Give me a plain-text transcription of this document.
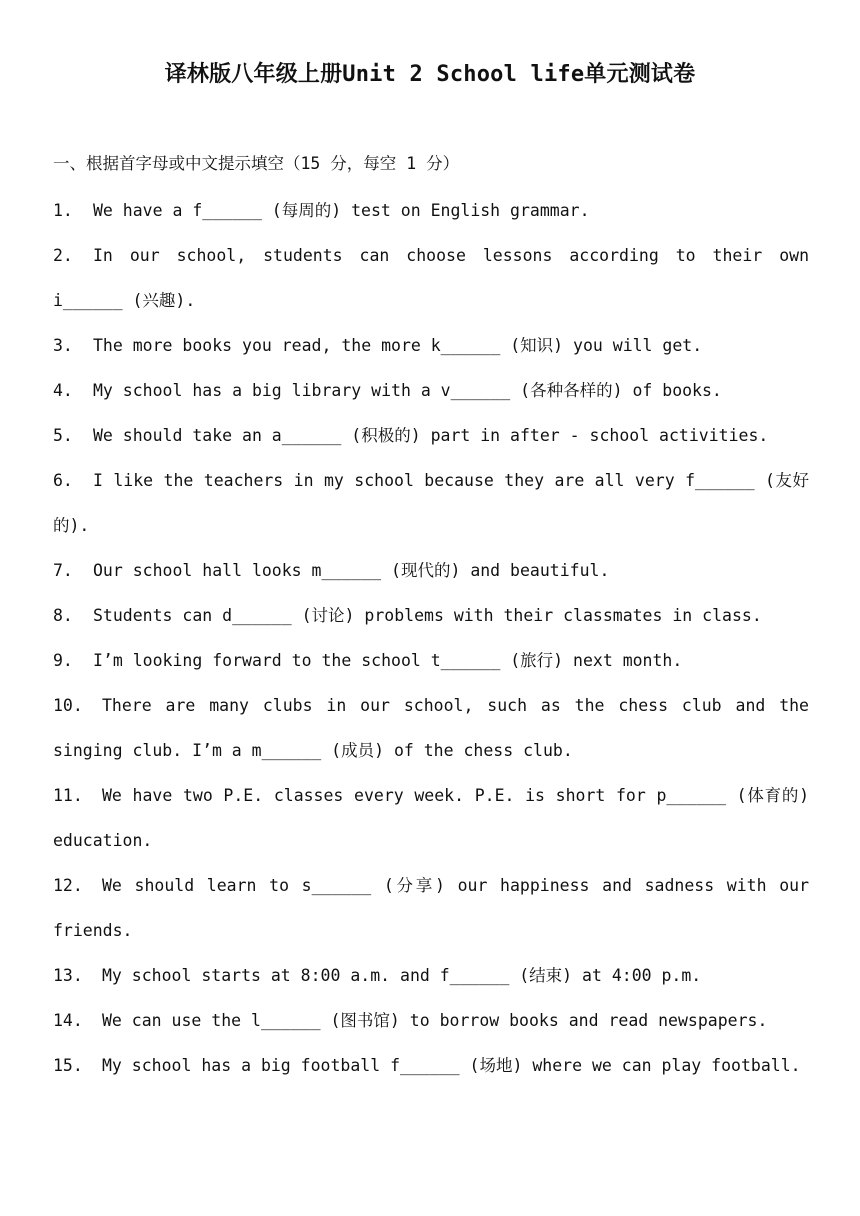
译林版八年级上册Unit 2 School life单元测试卷
一、根据首字母或中文提示填空（15 分，每空 1 分）
1. We have a f______ (每周的) test on English grammar.
2. In our school, students can choose lessons according to their own i______ (兴趣).
3. The more books you read, the more k______ (知识) you will get.
4. My school has a big library with a v______ (各种各样的) of books.
5. We should take an a______ (积极的) part in after - school activities.
6. I like the teachers in my school because they are all very f______ (友好的).
7. Our school hall looks m______ (现代的) and beautiful.
8. Students can d______ (讨论) problems with their classmates in class.
9. I’m looking forward to the school t______ (旅行) next month.
10. There are many clubs in our school, such as the chess club and the singing club. I’m a m______ (成员) of the chess club.
11. We have two P.E. classes every week. P.E. is short for p______ (体育的) education.
12. We should learn to s______ (分享) our happiness and sadness with our friends.
13. My school starts at 8:00 a.m. and f______ (结束) at 4:00 p.m.
14. We can use the l______ (图书馆) to borrow books and read newspapers.
15. My school has a big football f______ (场地) where we can play football.
